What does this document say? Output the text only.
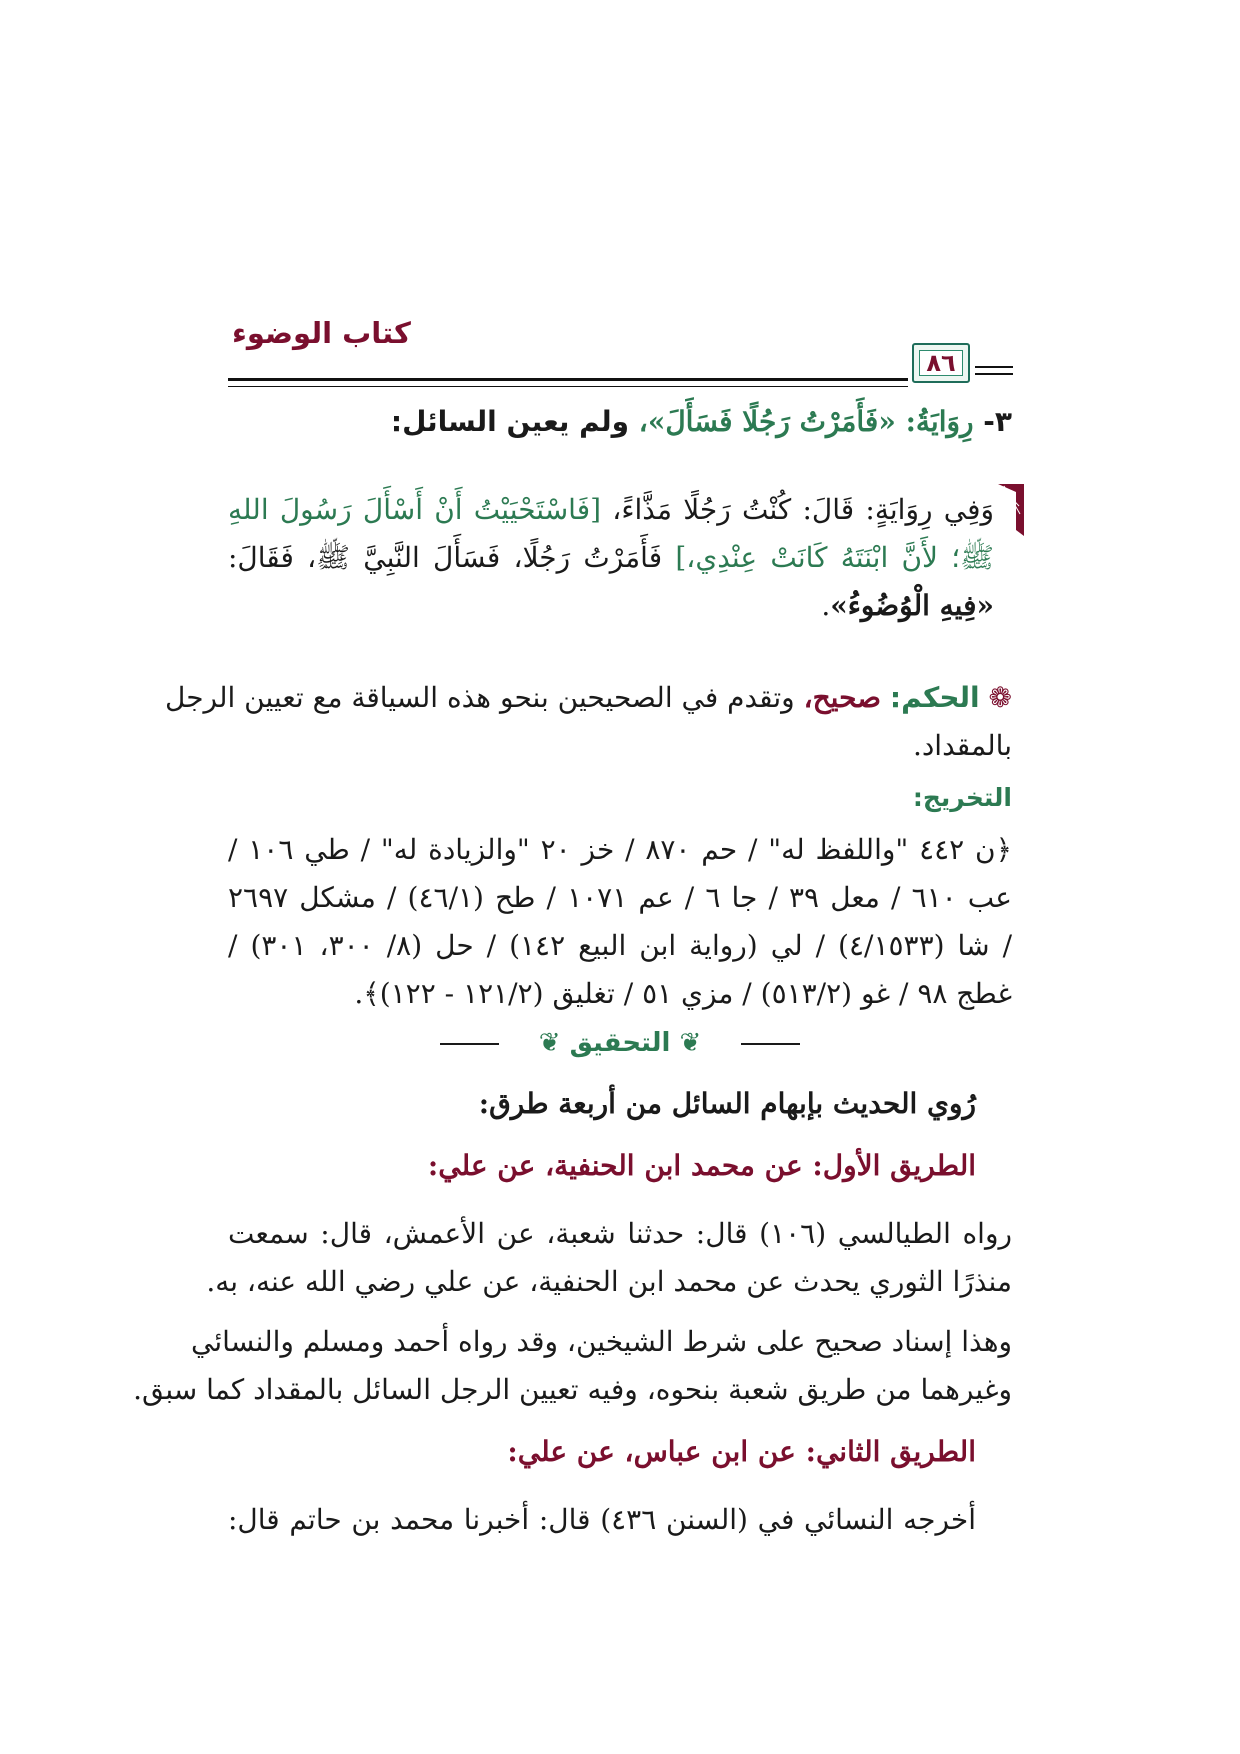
كتاب الوضوء
٨٦
٣- رِوَايَةُ: «فَأَمَرْتُ رَجُلًا فَسَأَلَ»، ولم يعين السائل:
وَفِي رِوَايَةٍ: قَالَ: كُنْتُ رَجُلًا مَذَّاءً، [فَاسْتَحْيَيْتُ أَنْ أَسْأَلَ رَسُولَ اللهِ
ﷺ؛ لأَنَّ ابْنَتَهُ كَانَتْ عِنْدِي،] فَأَمَرْتُ رَجُلًا، فَسَأَلَ النَّبِيَّ ﷺ، فَقَالَ:
«فِيهِ الْوُضُوءُ».
❁ الحكم: صحيح، وتقدم في الصحيحين بنحو هذه السياقة مع تعيين الرجل
بالمقداد.
التخريج:
﴿ن ٤٤٢ "واللفظ له" / حم ٨٧٠ / خز ٢٠ "والزيادة له" / طي ١٠٦ /
عب ٦١٠ / معل ٣٩ / جا ٦ / عم ١٠٧١ / طح (٤٦/١) / مشكل ٢٦٩٧
/ شا (٤/١٥٣٣) / لي (رواية ابن البيع ١٤٢) / حل (٨/ ٣٠٠، ٣٠١) /
غطج ٩٨ / غو (٥١٣/٢) / مزي ٥١ / تغليق (١٢١/٢ - ١٢٢)﴾.
❦ التحقيق ❦
رُوي الحديث بإبهام السائل من أربعة طرق:
الطريق الأول: عن محمد ابن الحنفية، عن علي:
رواه الطيالسي (١٠٦) قال: حدثنا شعبة، عن الأعمش، قال: سمعت
منذرًا الثوري يحدث عن محمد ابن الحنفية، عن علي رضي الله عنه، به.
وهذا إسناد صحيح على شرط الشيخين، وقد رواه أحمد ومسلم والنسائي
وغيرهما من طريق شعبة بنحوه، وفيه تعيين الرجل السائل بالمقداد كما سبق.
الطريق الثاني: عن ابن عباس، عن علي:
أخرجه النسائي في (السنن ٤٣٦) قال: أخبرنا محمد بن حاتم قال:
